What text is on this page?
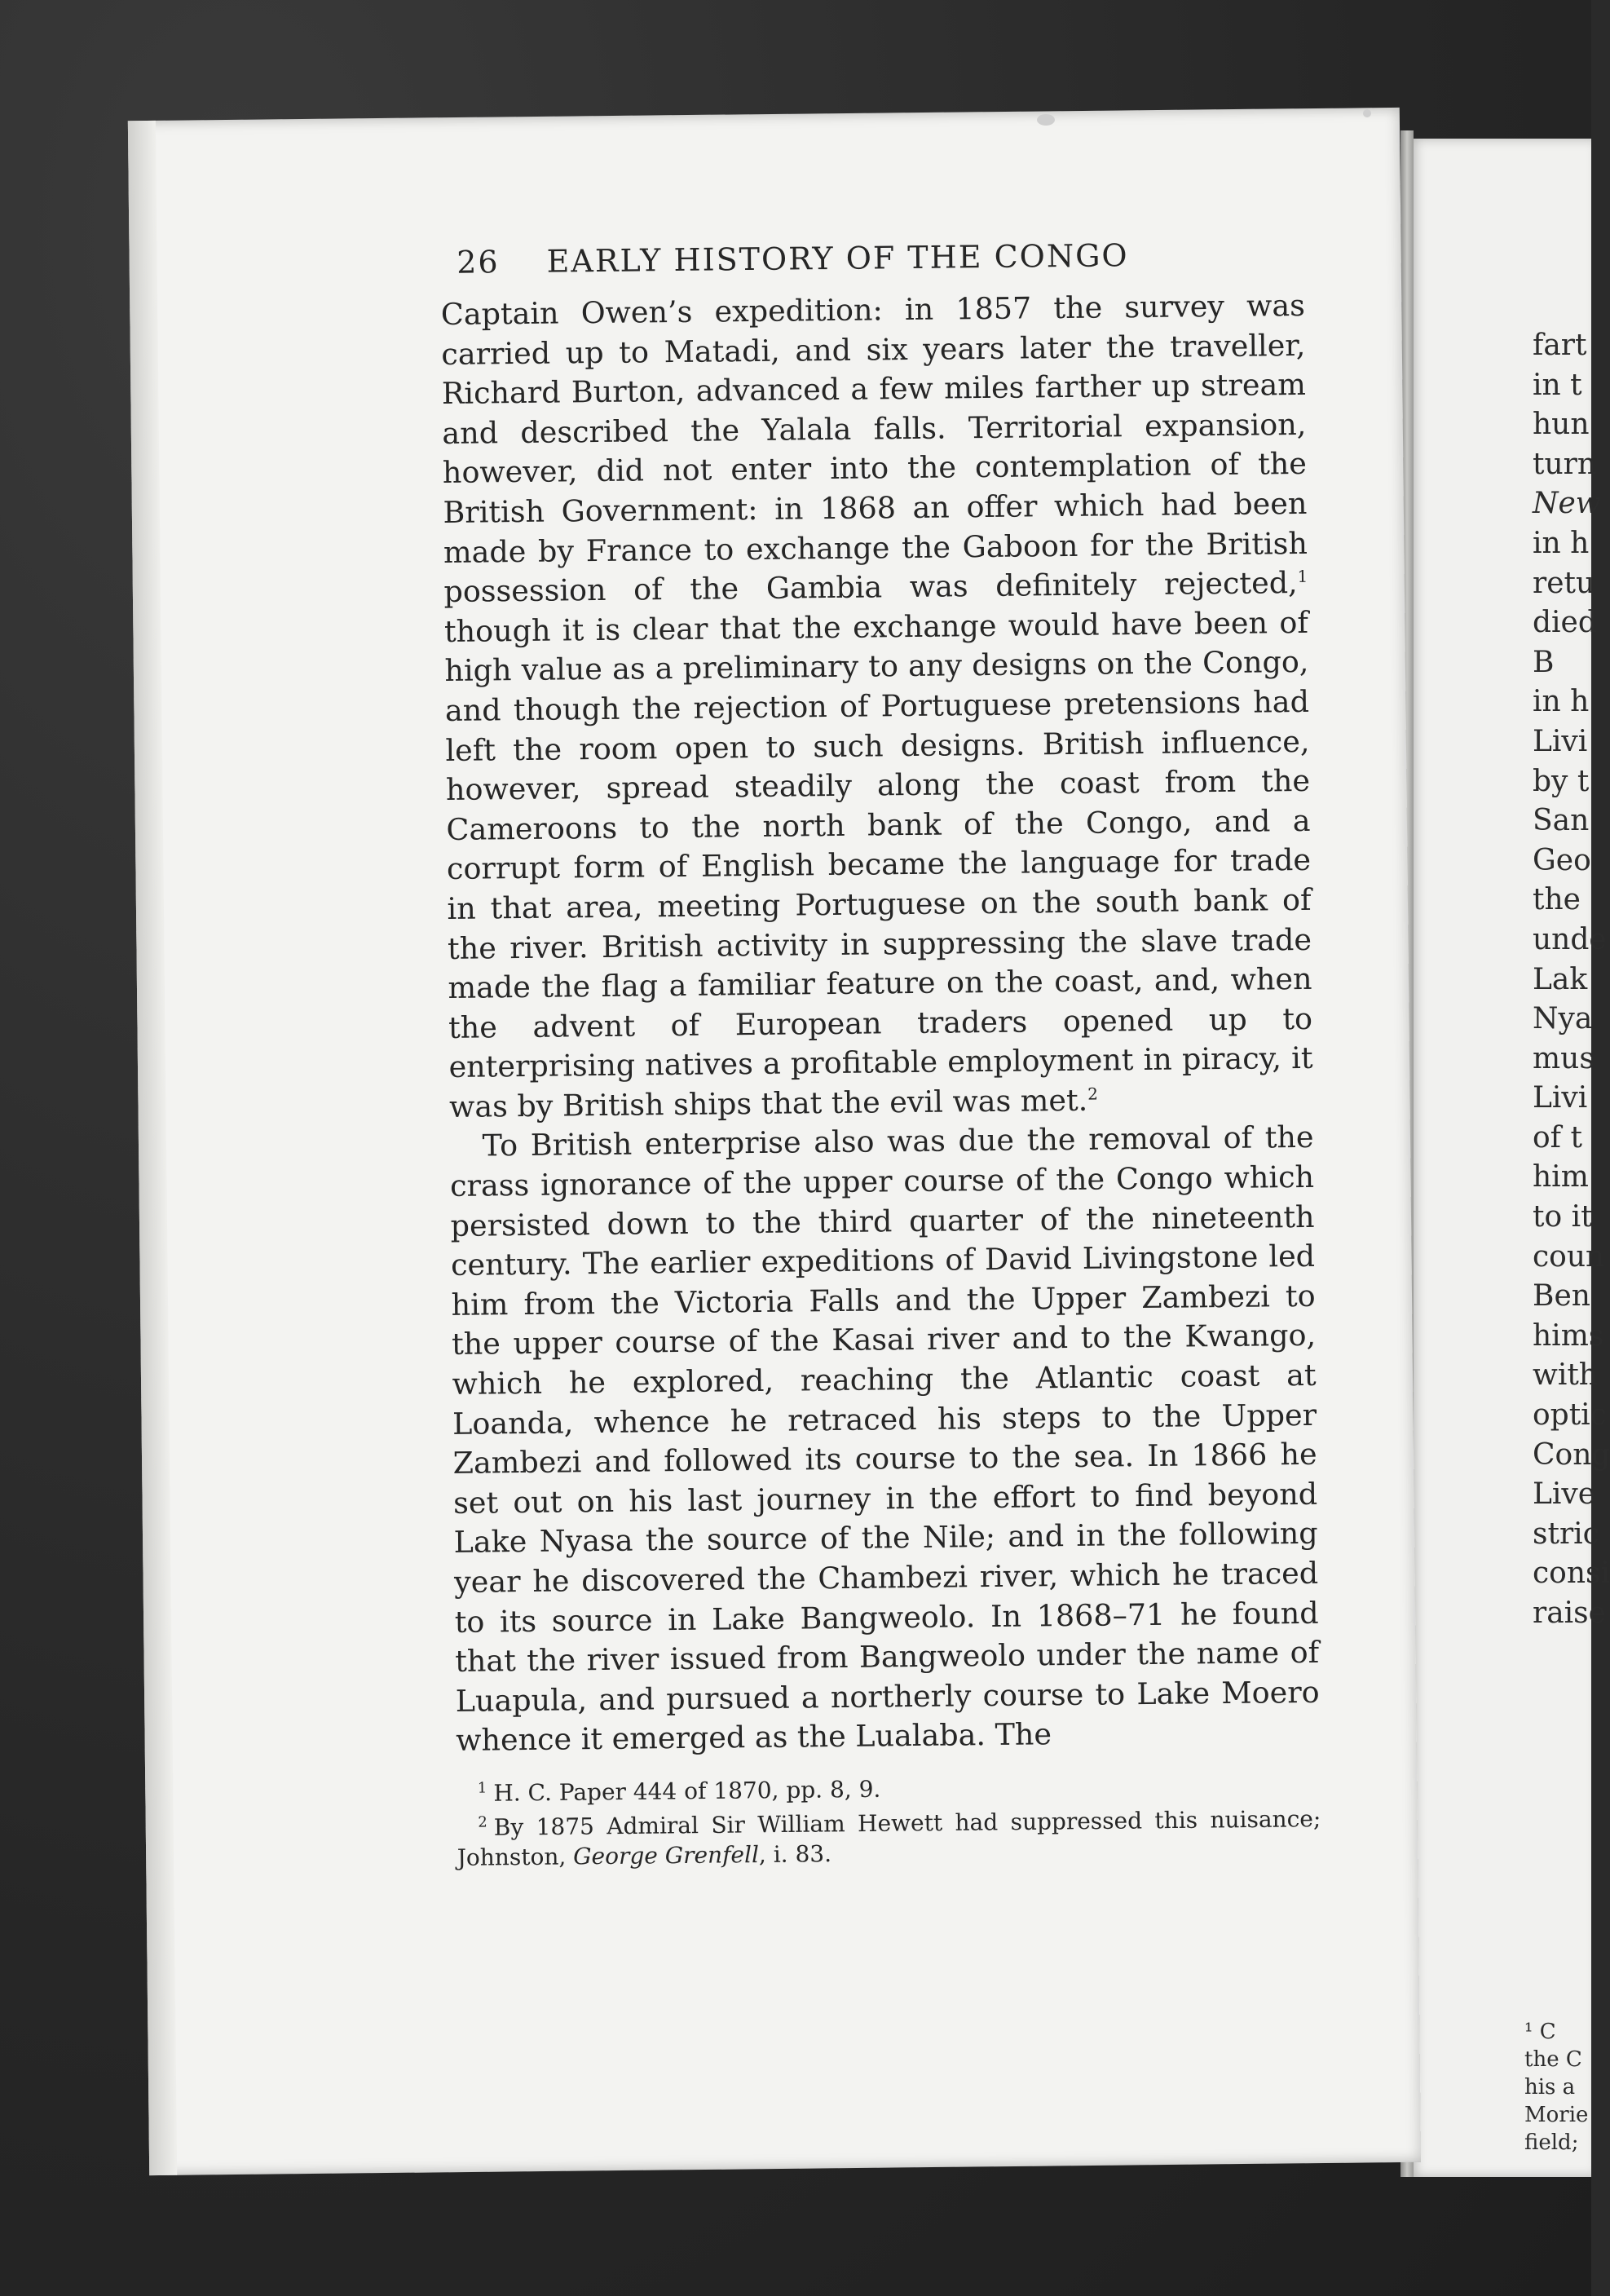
26 EARLY HISTORY OF THE CONGO

Captain Owen’s expedition: in 1857 the survey was carried up to Matadi, and six years later the traveller, Richard Burton, advanced a few miles farther up stream and described the Yalala falls. Territorial expansion, however, did not enter into the contemplation of the British Government: in 1868 an offer which had been made by France to exchange the Gaboon for the British possession of the Gambia was definitely rejected,$^1$ though it is clear that the exchange would have been of high value as a preliminary to any designs on the Congo, and though the rejection of Portuguese pretensions had left the room open to such designs. British influence, however, spread steadily along the coast from the Cameroons to the north bank of the Congo, and a corrupt form of English became the language for trade in that area, meeting Portuguese on the south bank of the river. British activity in suppressing the slave trade made the flag a familiar feature on the coast, and, when the advent of European traders opened up to enterprising natives a profitable employment in piracy, it was by British ships that the evil was met.$^2$

To British enterprise also was due the removal of the crass ignorance of the upper course of the Congo which persisted down to the third quarter of the nineteenth century. The earlier expeditions of David Livingstone led him from the Victoria Falls and the Upper Zambezi to the upper course of the Kasai river and to the Kwango, which he explored, reaching the Atlantic coast at Loanda, whence he retraced his steps to the Upper Zambezi and followed its course to the sea. In 1866 he set out on his last journey in the effort to find beyond Lake Nyasa the source of the Nile; and in the following year he discovered the Chambezi river, which he traced to its source in Lake Bangweolo. In 1868–71 he found that the river issued from Bangweolo under the name of Luapula, and pursued a northerly course to Lake Moero whence it emerged as the Lualaba. The

$^1$ H. C. Paper 444 of 1870, pp. 8, 9.

$^2$ By 1875 Admiral Sir William Hewett had suppressed this nuisance; Johnston, George Grenfell, i. 83.

fart
in t
hun
turn
New
in h
retu
died
B
in h
Livi
by t
San
Geo
the
unde
Lak
Nya
mus
Livi
of t
him
to it
coun
Ben
hims
with
optic
Cong
Live
stric
consi
raise
¹ C
the C
his a
Morie
field;
